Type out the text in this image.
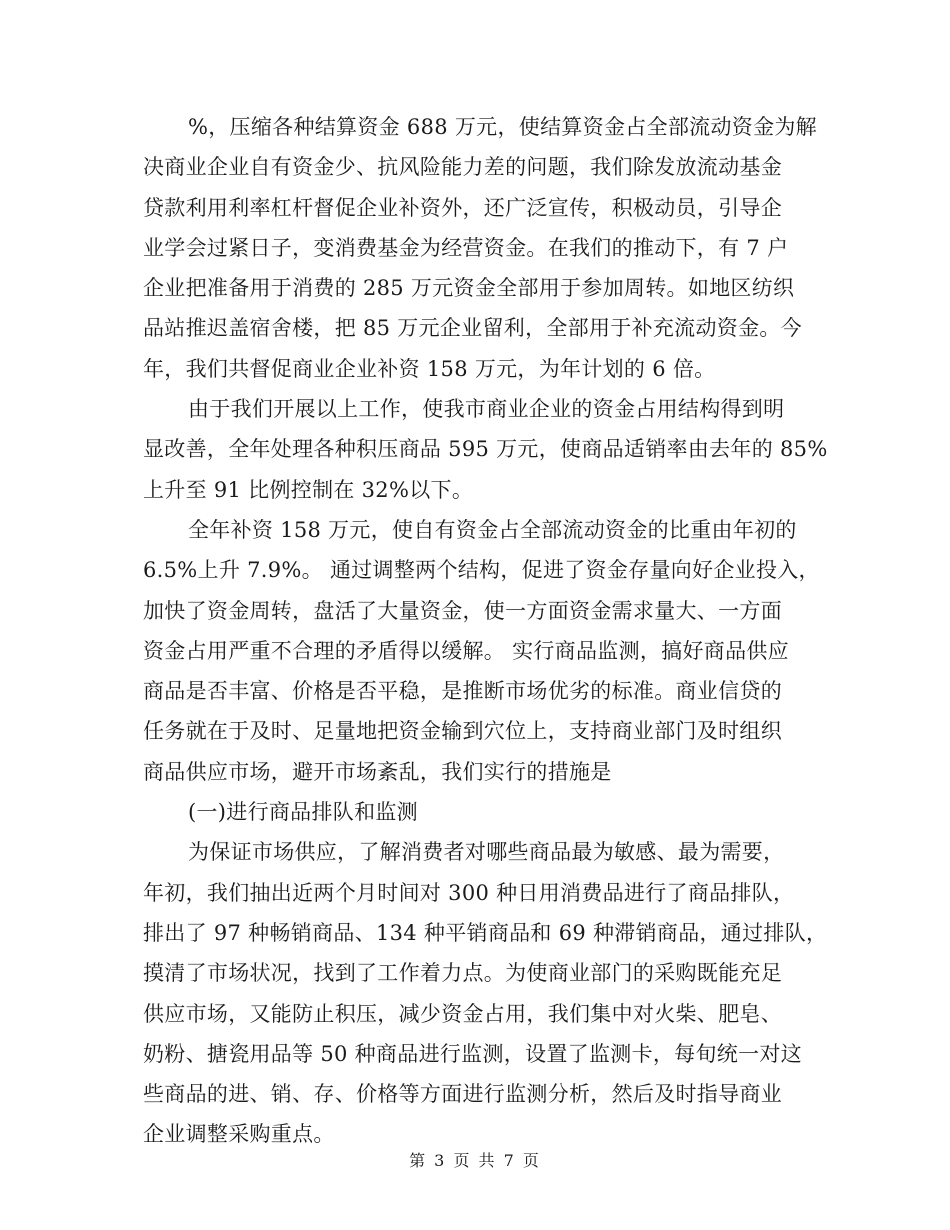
%，压缩各种结算资金 688 万元，使结算资金占全部流动资金为解
决商业企业自有资金少、抗风险能力差的问题，我们除发放流动基金
贷款利用利率杠杆督促企业补资外，还广泛宣传，积极动员，引导企
业学会过紧日子，变消费基金为经营资金。在我们的推动下，有 7 户
企业把准备用于消费的 285 万元资金全部用于参加周转。如地区纺织
品站推迟盖宿舍楼，把 85 万元企业留利，全部用于补充流动资金。今
年，我们共督促商业企业补资 158 万元，为年计划的 6 倍。
由于我们开展以上工作，使我市商业企业的资金占用结构得到明
显改善，全年处理各种积压商品 595 万元，使商品适销率由去年的 85%
上升至 91 比例控制在 32%以下。
全年补资 158 万元，使自有资金占全部流动资金的比重由年初的
6.5%上升 7.9%。 通过调整两个结构，促进了资金存量向好企业投入，
加快了资金周转，盘活了大量资金，使一方面资金需求量大、一方面
资金占用严重不合理的矛盾得以缓解。 实行商品监测，搞好商品供应
商品是否丰富、价格是否平稳，是推断市场优劣的标准。商业信贷的
任务就在于及时、足量地把资金输到穴位上，支持商业部门及时组织
商品供应市场，避开市场紊乱，我们实行的措施是
(一)进行商品排队和监测
为保证市场供应，了解消费者对哪些商品最为敏感、最为需要，
年初，我们抽出近两个月时间对 300 种日用消费品进行了商品排队，
排出了 97 种畅销商品、134 种平销商品和 69 种滞销商品，通过排队，
摸清了市场状况，找到了工作着力点。为使商业部门的采购既能充足
供应市场，又能防止积压，减少资金占用，我们集中对火柴、肥皂、
奶粉、搪瓷用品等 50 种商品进行监测，设置了监测卡，每旬统一对这
些商品的进、销、存、价格等方面进行监测分析，然后及时指导商业
企业调整采购重点。
第 3 页 共 7 页
